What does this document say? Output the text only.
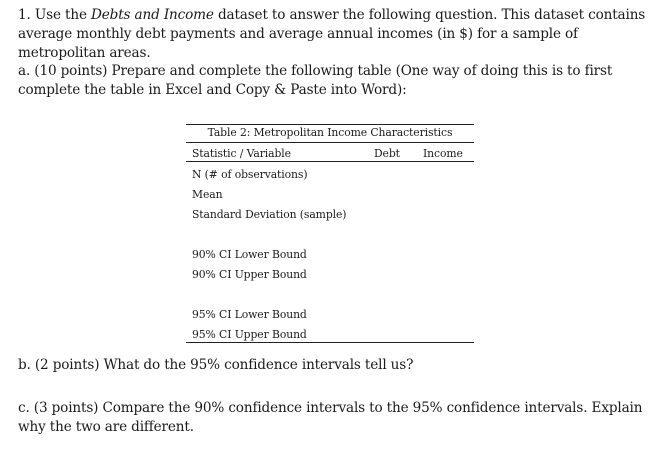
1. Use the Debts and Income dataset to answer the following question. This dataset contains average monthly debt payments and average annual incomes (in $) for a sample of metropolitan areas.
a. (10 points) Prepare and complete the following table (One way of doing this is to first complete the table in Excel and Copy & Paste into Word):
Table 2: Metropolitan Income Characteristics
Statistic / Variable	Debt Income
N (# of observations)
Mean
Standard Deviation (sample)
90% CI Lower Bound
90% CI Upper Bound
95% CI Lower Bound
95% CI Upper Bound
b. (2 points) What do the 95% confidence intervals tell us?
c. (3 points) Compare the 90% confidence intervals to the 95% confidence intervals. Explain why the two are different.
